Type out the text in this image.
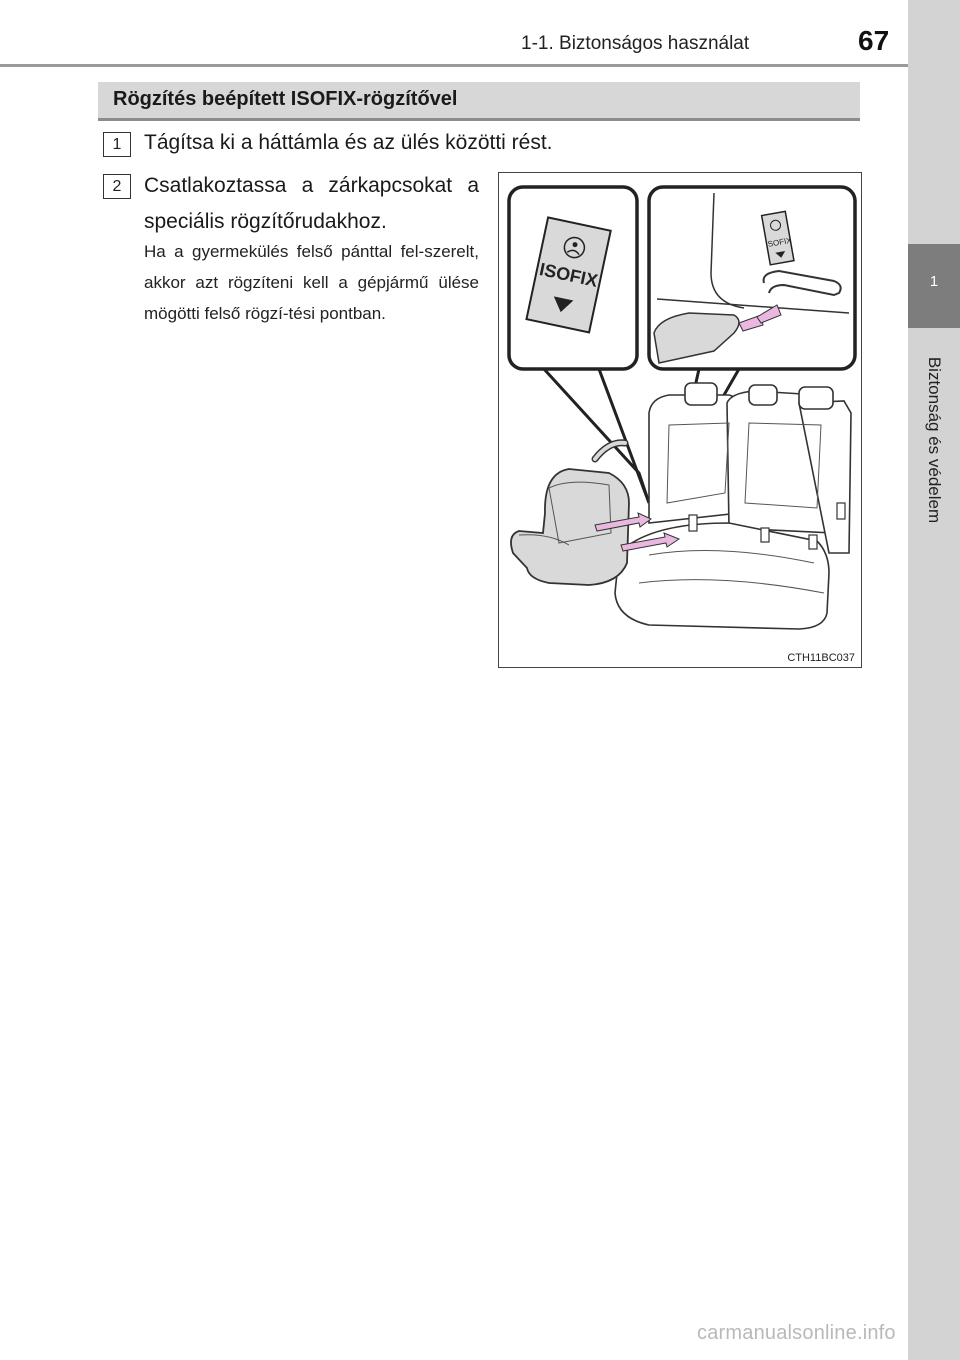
1-1. Biztonságos használat	67
1
Biztonság és védelem
Rögzítés beépített ISOFIX-rögzítővel
1	Tágítsa ki a háttámla és az ülés közötti rést.
2	Csatlakoztassa a zárkapcsokat a speciális rögzítőrudakhoz.
Ha a gyermekülés felső pánttal fel-szerelt, akkor azt rögzíteni kell a gépjármű ülése mögötti felső rögzí-tési pontban.
ISOFIX
ISOFIX
CTH11BC037
carmanualsonline.info
